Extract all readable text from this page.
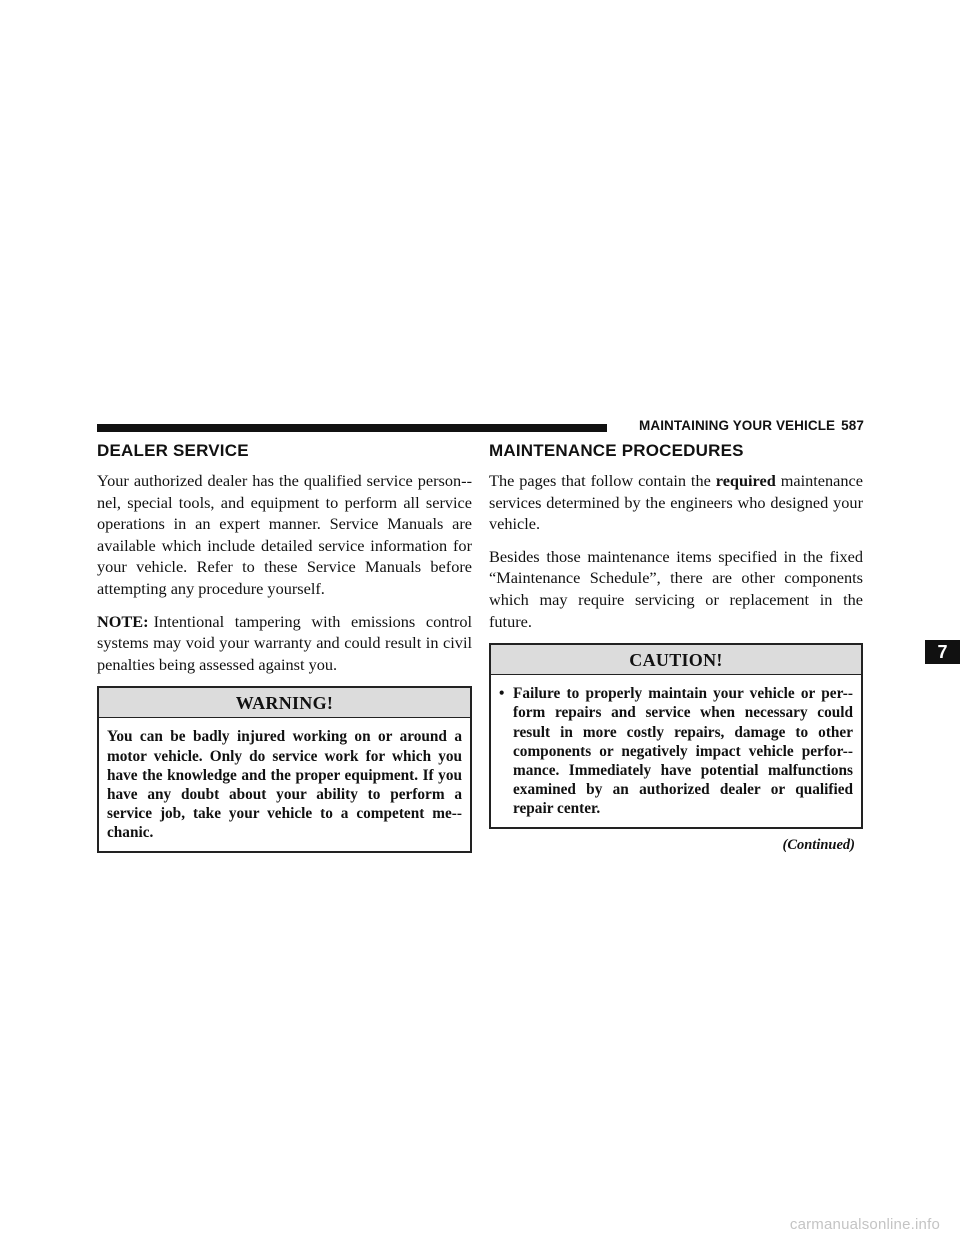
MAINTAINING YOUR VEHICLE 587
DEALER SERVICE

Your authorized dealer has the qualified service person-nel, special tools, and equipment to perform all service operations in an expert manner. Service Manuals are available which include detailed service information for your vehicle. Refer to these Service Manuals before attempting any procedure yourself.

NOTE: Intentional tampering with emissions control systems may void your warranty and could result in civil penalties being assessed against you.

WARNING!
You can be badly injured working on or around a motor vehicle. Only do service work for which you have the knowledge and the proper equipment. If you have any doubt about your ability to perform a service job, take your vehicle to a competent me-chanic.
MAINTENANCE PROCEDURES

The pages that follow contain the required maintenance services determined by the engineers who designed your vehicle.

Besides those maintenance items specified in the fixed “Maintenance Schedule”, there are other components which may require servicing or replacement in the future.

CAUTION!
• Failure to properly maintain your vehicle or per-form repairs and service when necessary could result in more costly repairs, damage to other components or negatively impact vehicle perfor-mance. Immediately have potential malfunctions examined by an authorized dealer or qualified repair center.
(Continued)
7
carmanualsonline.info
